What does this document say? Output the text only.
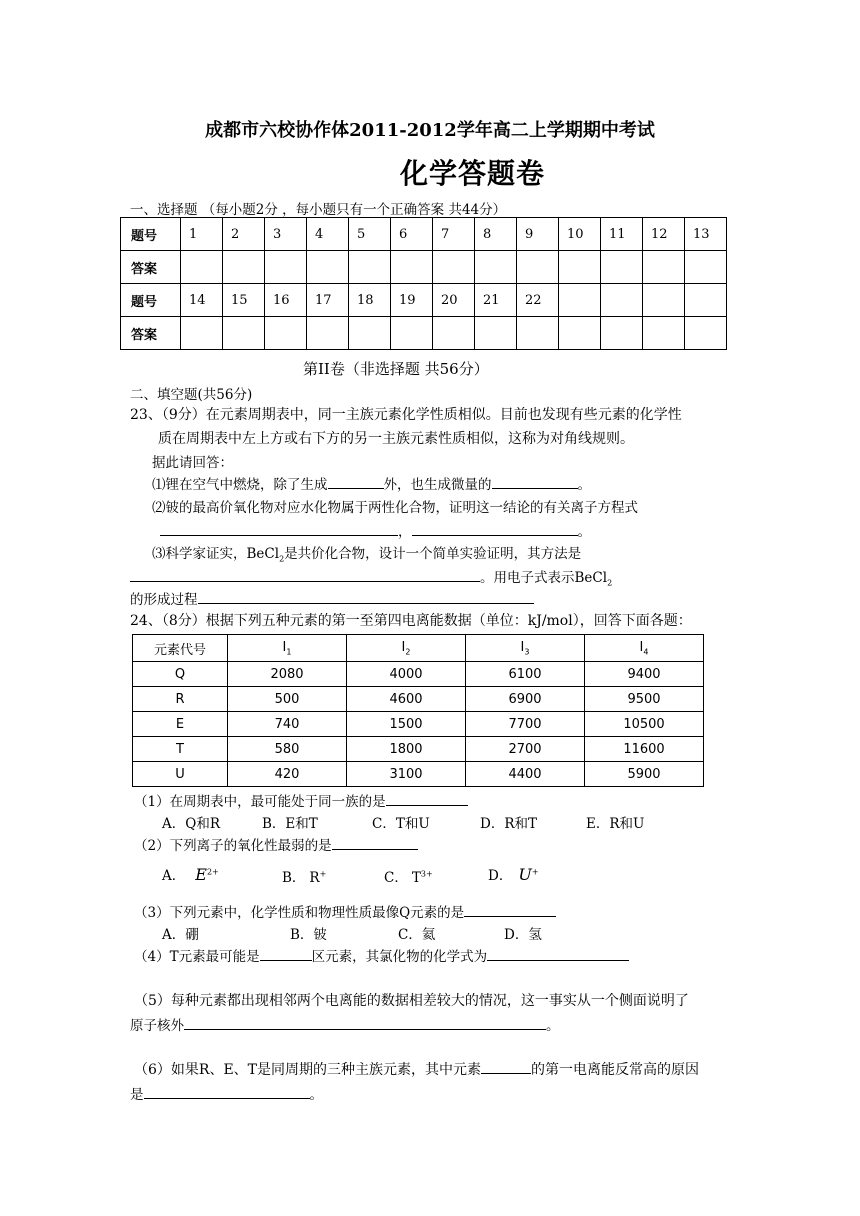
成都市六校协作体2011-2012学年高二上学期期中考试
化学答题卷
一、选择题 （每小题2分 ，每小题只有一个正确答案 共44分）
题号	1	2	3	4	5	6	7	8	9	10	11	12	13
答案													
题号	14	15	16	17	18	19	20	21	22				
答案													
第II卷（非选择题 共56分）
二、填空题(共56分)
23、（9分）在元素周期表中，同一主族元素化学性质相似。目前也发现有些元素的化学性
质在周期表中左上方或右下方的另一主族元素性质相似，这称为对角线规则。
据此请回答：
⑴锂在空气中燃烧，除了生成	外，也生成微量的	。
⑵铍的最高价氧化物对应水化物属于两性化合物，证明这一结论的有关离子方程式
，	。
⑶科学家证实，BeCl$_2$是共价化合物，设计一个简单实验证明，其方法是
。用电子式表示BeCl$_2$
的形成过程
24、（8分）根据下列五种元素的第一至第四电离能数据（单位：kJ/mol），回答下面各题：
元素代号	$I_1$	$I_2$	$I_3$	$I_4$
Q	2080	4000	6100	9400
R	500	4600	6900	9500
E	740	1500	7700	10500
T	580	1800	2700	11600
U	420	3100	4400	5900
（1）在周期表中，最可能处于同一族的是
A．Q和R	B．E和T	C．T和U	D．R和T	E．R和U
（2）下列离子的氧化性最弱的是
A． $E^{2+}$	B． R+	C． $T^{3+}$	D． U+
（3）下列元素中，化学性质和物理性质最像Q元素的是
A．硼	B．铍	C．氦	D．氢
（4）T元素最可能是	区元素，其氯化物的化学式为
（5）每种元素都出现相邻两个电离能的数据相差较大的情况，这一事实从一个侧面说明了
原子核外	。
（6）如果R、E、T是同周期的三种主族元素，其中元素	的第一电离能反常高的原因
是	。
